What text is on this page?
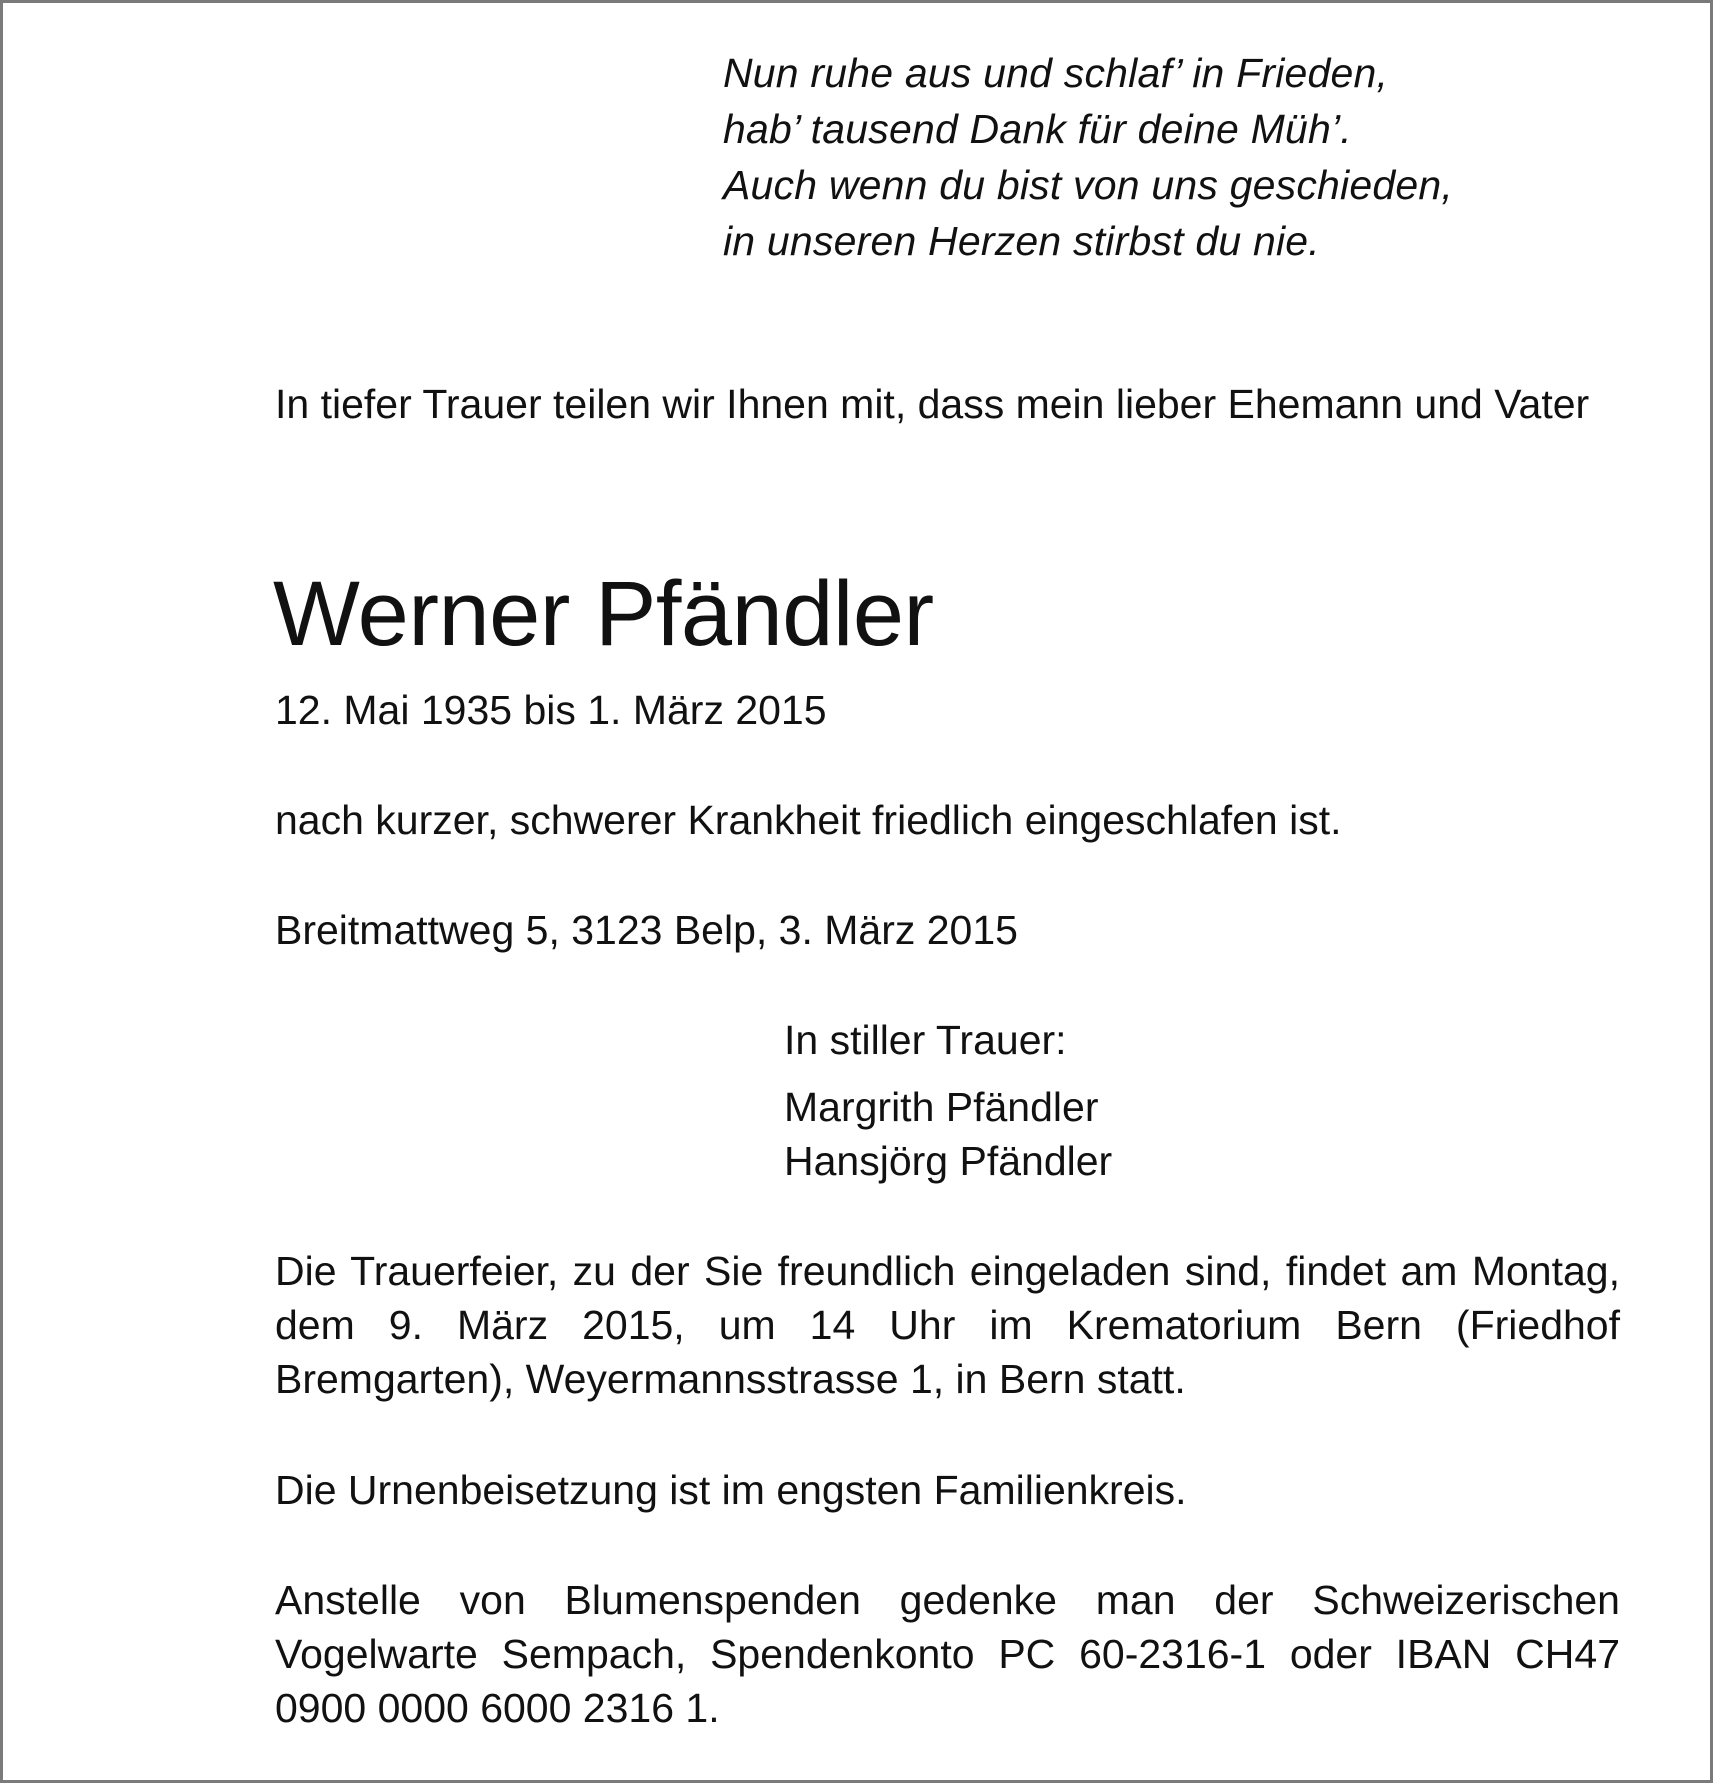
Nun ruhe aus und schlaf’ in Frieden,
hab’ tausend Dank für deine Müh’.
Auch wenn du bist von uns geschieden,
in unseren Herzen stirbst du nie.
In tiefer Trauer teilen wir Ihnen mit, dass mein lieber Ehemann und Vater
Werner Pfändler
12. Mai 1935 bis 1. März 2015
nach kurzer, schwerer Krankheit friedlich eingeschlafen ist.
Breitmattweg 5, 3123 Belp, 3. März 2015
In stiller Trauer:
Margrith Pfändler
Hansjörg Pfändler
Die Trauerfeier, zu der Sie freundlich eingeladen sind, findet am Montag, dem 9. März 2015, um 14 Uhr im Krematorium Bern (Friedhof Bremgarten), Weyermannsstrasse 1, in Bern statt.
Die Urnenbeisetzung ist im engsten Familienkreis.
Anstelle von Blumenspenden gedenke man der Schweizerischen Vogelwarte Sempach, Spendenkonto PC 60-2316-1 oder IBAN CH47 0900 0000 6000 2316 1.
